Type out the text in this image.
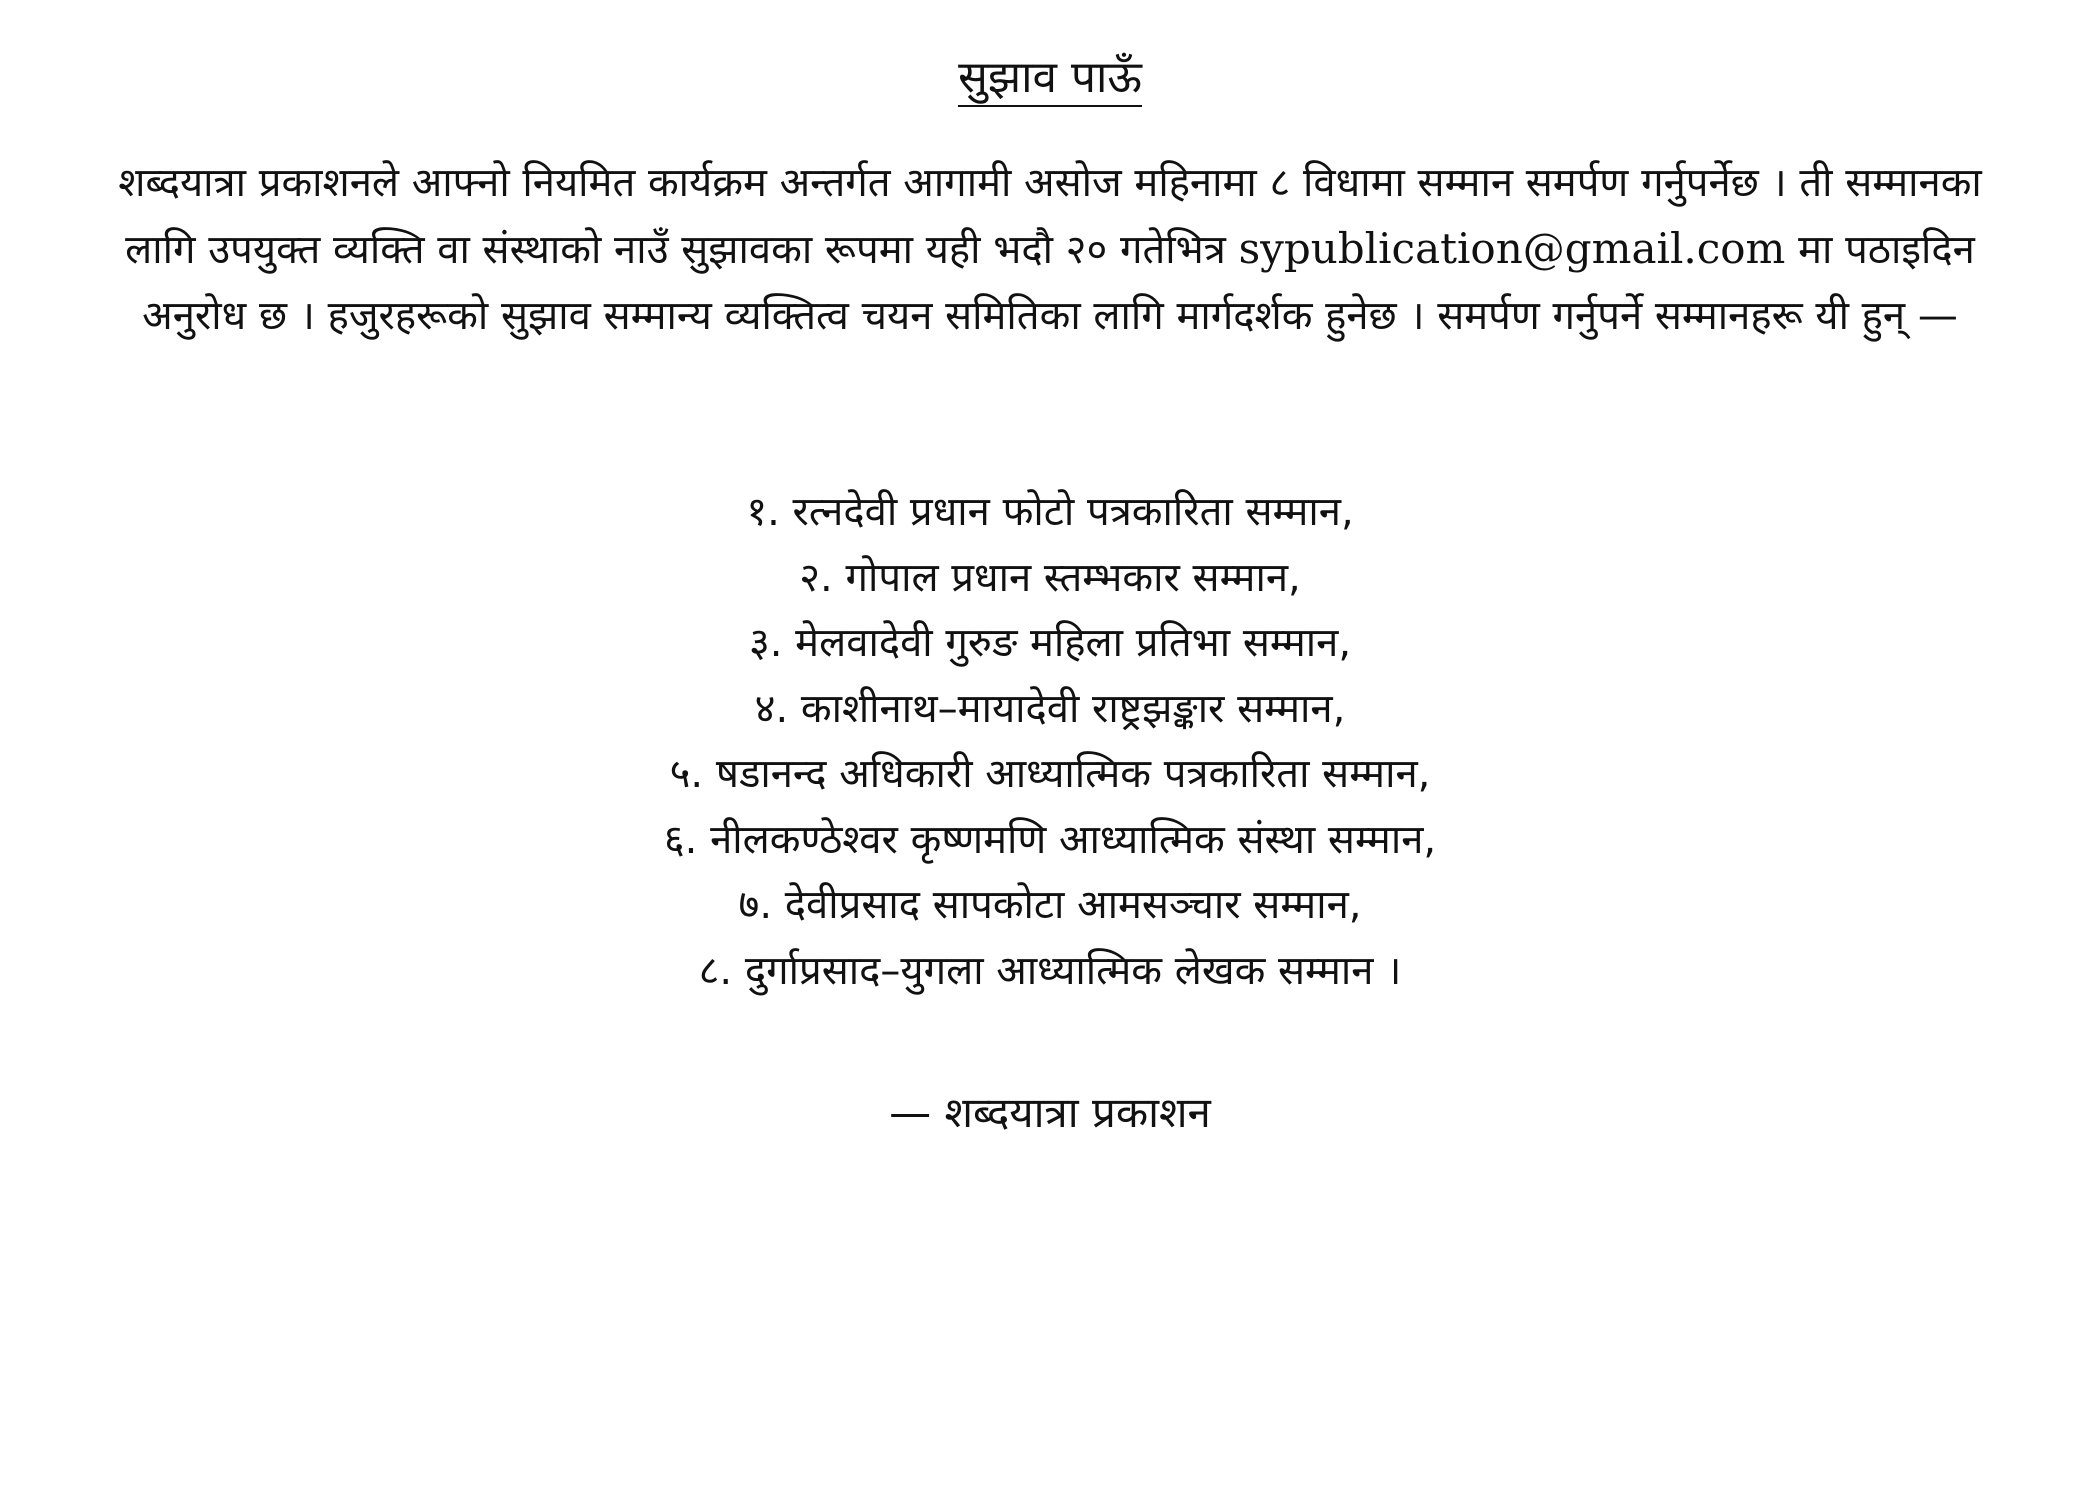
सुझाव पाऊँ

शब्दयात्रा प्रकाशनले आफ्नो नियमित कार्यक्रम अन्तर्गत आगामी असोज महिनामा ८ विधामा सम्मान समर्पण गर्नुपर्नेछ । ती सम्मानका लागि उपयुक्त व्यक्ति वा संस्थाको नाउँ सुझावका रूपमा यही भदौ २० गतेभित्र sypublication@gmail.com मा पठाइदिन अनुरोध छ । हजुरहरूको सुझाव सम्मान्य व्यक्तित्व चयन समितिका लागि मार्गदर्शक हुनेछ । समर्पण गर्नुपर्ने सम्मानहरू यी हुन् —

१. रत्नदेवी प्रधान फोटो पत्रकारिता सम्मान,
२. गोपाल प्रधान स्तम्भकार सम्मान,
३. मेलवादेवी गुरुङ महिला प्रतिभा सम्मान,
४. काशीनाथ–मायादेवी राष्ट्रझङ्कार सम्मान,
५. षडानन्द अधिकारी आध्यात्मिक पत्रकारिता सम्मान,
६. नीलकण्ठेश्वर कृष्णमणि आध्यात्मिक संस्था सम्मान,
७. देवीप्रसाद सापकोटा आमसञ्चार सम्मान,
८. दुर्गाप्रसाद–युगला आध्यात्मिक लेखक सम्मान ।
— शब्दयात्रा प्रकाशन
